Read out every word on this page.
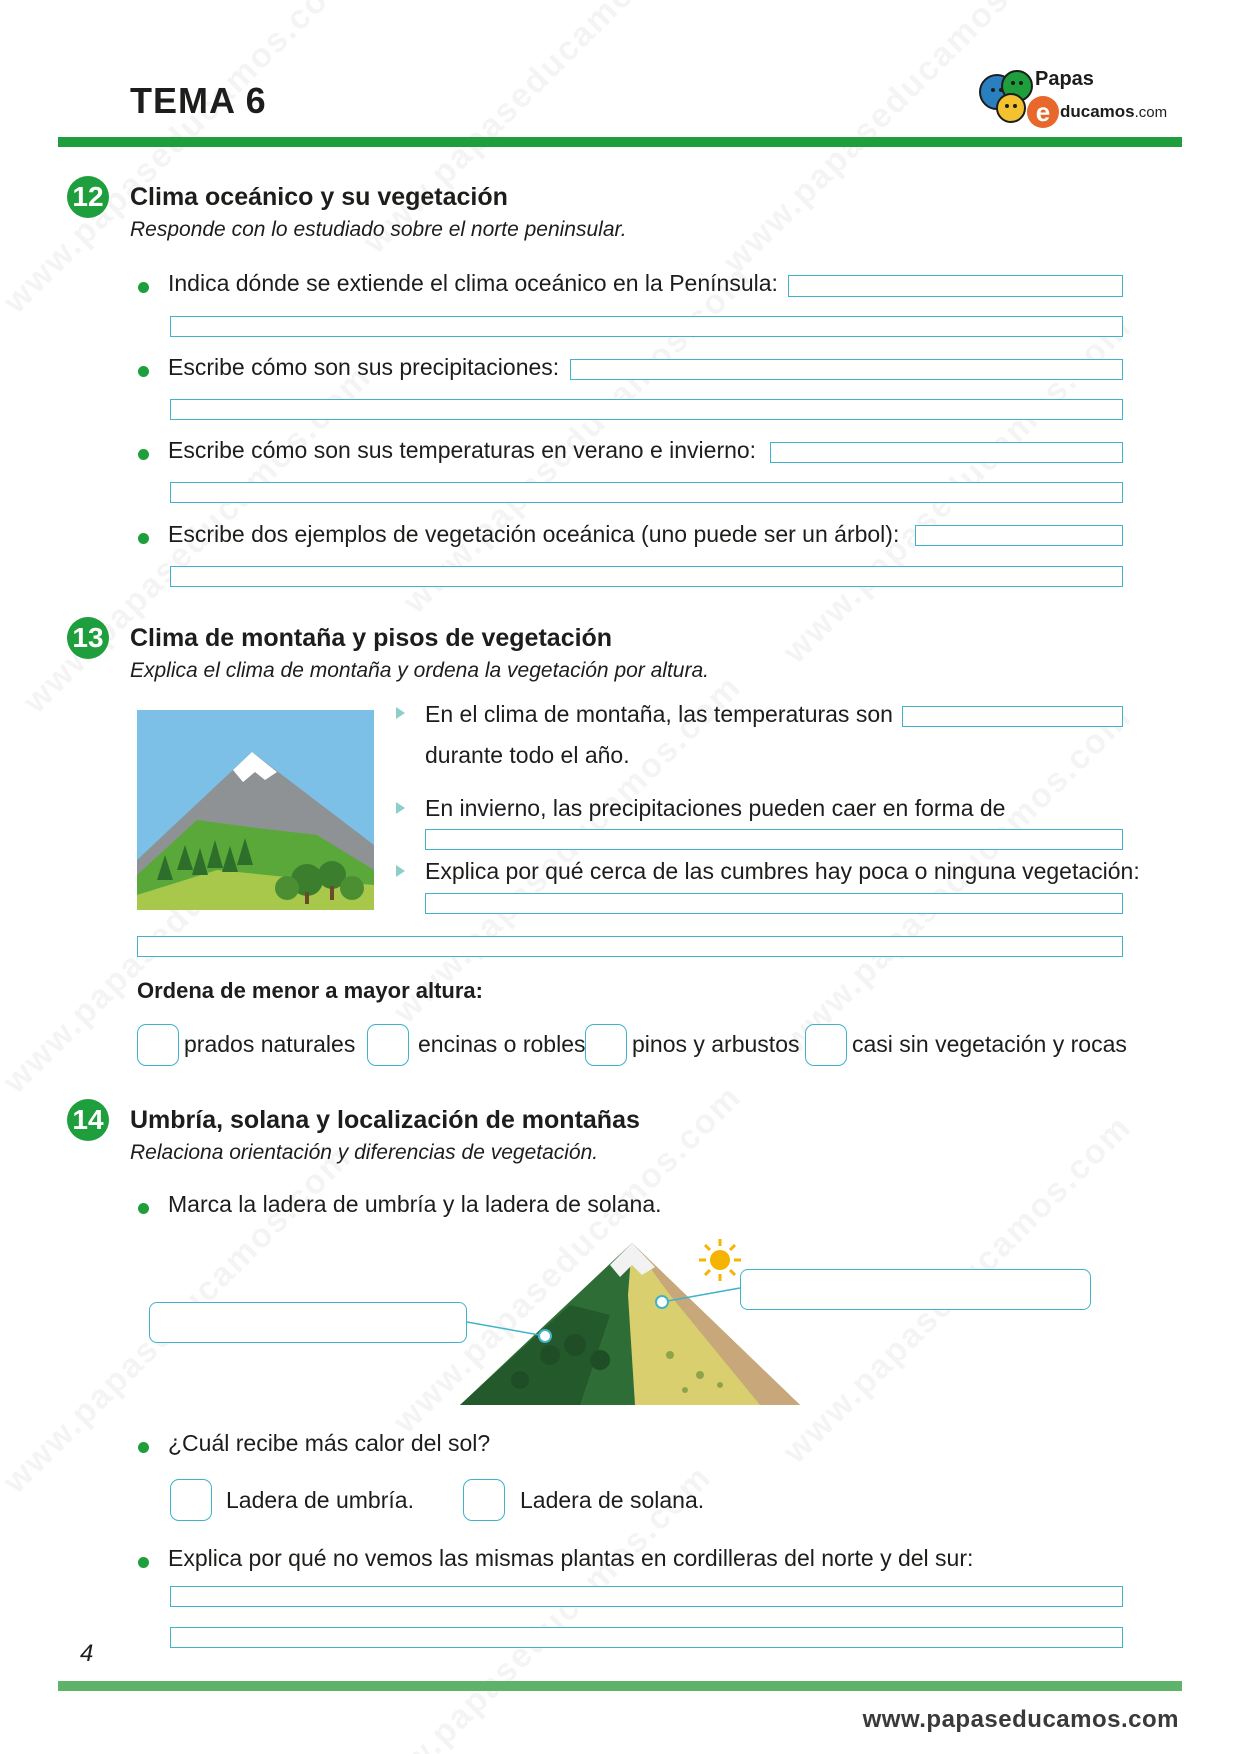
TEMA 6
Papas
e ducamos.com
12 Clima oceánico y su vegetación
Responde con lo estudiado sobre el norte peninsular.
Indica dónde se extiende el clima oceánico en la Península:
Escribe cómo son sus precipitaciones:
Escribe cómo son sus temperaturas en verano e invierno:
Escribe dos ejemplos de vegetación oceánica (uno puede ser un árbol):
13 Clima de montaña y pisos de vegetación
Explica el clima de montaña y ordena la vegetación por altura.
En el clima de montaña, las temperaturas son
durante todo el año.
En invierno, las precipitaciones pueden caer en forma de
Explica por qué cerca de las cumbres hay poca o ninguna vegetación:
Ordena de menor a mayor altura:
prados naturales	encinas o robles pinos y arbustos casi sin vegetación y rocas
14 Umbría, solana y localización de montañas
Relaciona orientación y diferencias de vegetación.
Marca la ladera de umbría y la ladera de solana.
¿Cuál recibe más calor del sol?
Ladera de umbría.	Ladera de solana.
Explica por qué no vemos las mismas plantas en cordilleras del norte y del sur:
4
www.papaseducamos.com
